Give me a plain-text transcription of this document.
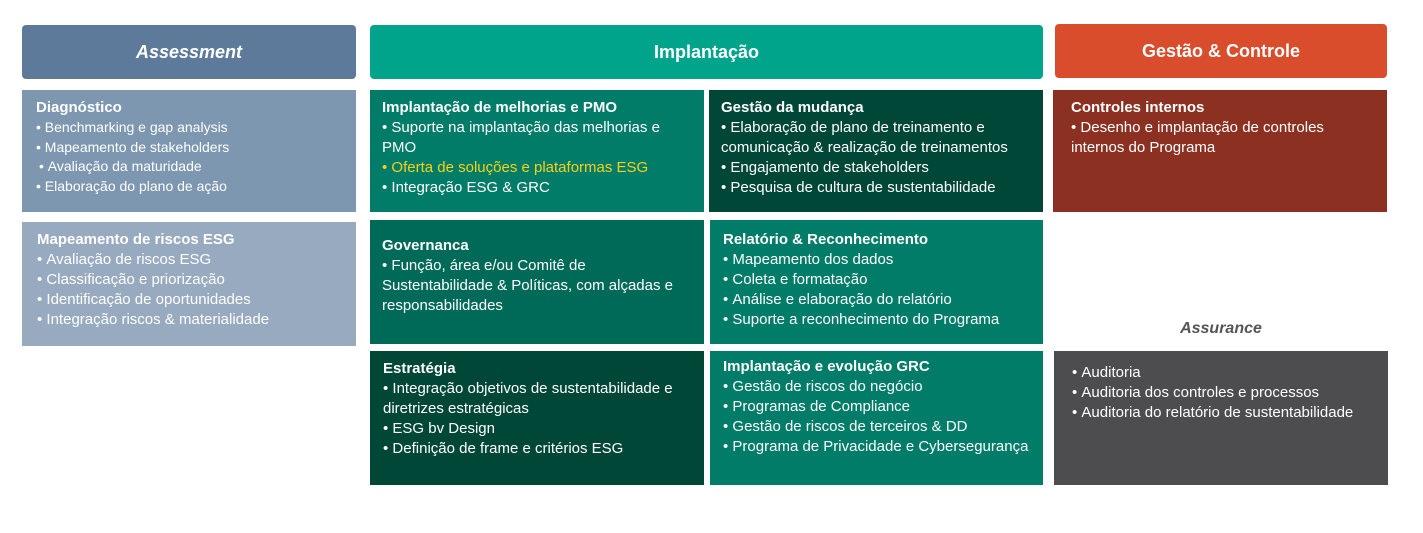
Assessment	Implantação	Gestão & Controle
Diagnóstico
• Benchmarking e gap analysis
• Mapeamento de stakeholders
• Avaliação da maturidade
• Elaboração do plano de ação
Mapeamento de riscos ESG
• Avaliação de riscos ESG
• Classificação e priorização
• Identificação de oportunidades
• Integração riscos & materialidade
Implantação de melhorias e PMO
• Suporte na implantação das melhorias e PMO
• Oferta de soluções e plataformas ESG
• Integração ESG & GRC
Gestão da mudança
• Elaboração de plano de treinamento e comunicação & realização de treinamentos
• Engajamento de stakeholders
• Pesquisa de cultura de sustentabilidade
Governanca
• Função, área e/ou Comitê de Sustentabilidade & Políticas, com alçadas e responsabilidades
Relatório & Reconhecimento
• Mapeamento dos dados
• Coleta e formatação
• Análise e elaboração do relatório
• Suporte a reconhecimento do Programa
Estratégia
• Integração objetivos de sustentabilidade e diretrizes estratégicas
• ESG bv Design
• Definição de frame e critérios ESG
Implantação e evolução GRC
• Gestão de riscos do negócio
• Programas de Compliance
• Gestão de riscos de terceiros & DD
• Programa de Privacidade e Cybersegurança
Controles internos
• Desenho e implantação de controles internos do Programa
Assurance
• Auditoria
• Auditoria dos controles e processos
• Auditoria do relatório de sustentabilidade
